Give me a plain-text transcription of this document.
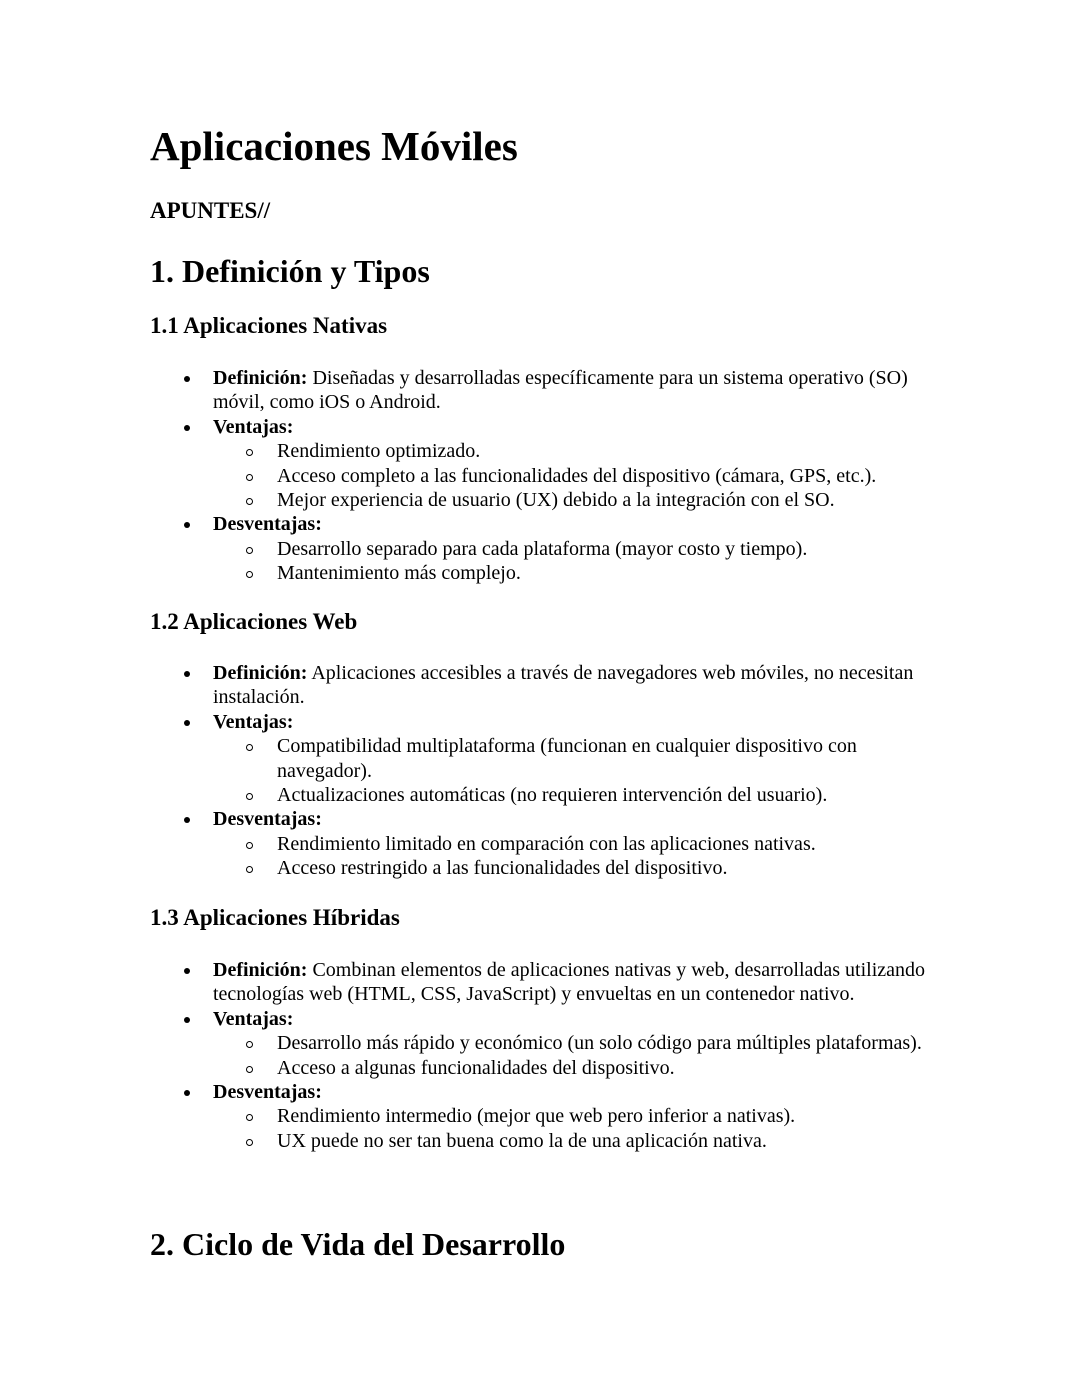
Aplicaciones Móviles
APUNTES//
1. Definición y Tipos
1.1 Aplicaciones Nativas
Definición: Diseñadas y desarrolladas específicamente para un sistema operativo (SO) móvil, como iOS o Android.
Ventajas:
Rendimiento optimizado.
Acceso completo a las funcionalidades del dispositivo (cámara, GPS, etc.).
Mejor experiencia de usuario (UX) debido a la integración con el SO.
Desventajas:
Desarrollo separado para cada plataforma (mayor costo y tiempo).
Mantenimiento más complejo.
1.2 Aplicaciones Web
Definición: Aplicaciones accesibles a través de navegadores web móviles, no necesitan instalación.
Ventajas:
Compatibilidad multiplataforma (funcionan en cualquier dispositivo con navegador).
Actualizaciones automáticas (no requieren intervención del usuario).
Desventajas:
Rendimiento limitado en comparación con las aplicaciones nativas.
Acceso restringido a las funcionalidades del dispositivo.
1.3 Aplicaciones Híbridas
Definición: Combinan elementos de aplicaciones nativas y web, desarrolladas utilizando tecnologías web (HTML, CSS, JavaScript) y envueltas en un contenedor nativo.
Ventajas:
Desarrollo más rápido y económico (un solo código para múltiples plataformas).
Acceso a algunas funcionalidades del dispositivo.
Desventajas:
Rendimiento intermedio (mejor que web pero inferior a nativas).
UX puede no ser tan buena como la de una aplicación nativa.
2. Ciclo de Vida del Desarrollo
